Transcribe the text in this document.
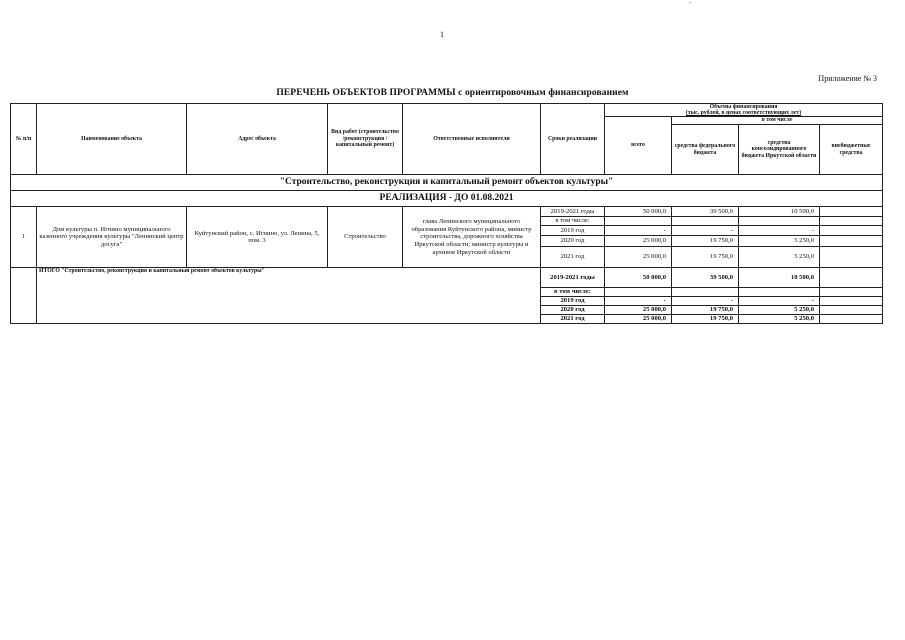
-
1
Приложение № 3
ПЕРЕЧЕНЬ ОБЪЕКТОВ ПРОГРАММЫ с ориентировочным финансированием
№ п/п	Наименование объекта	Адрес объекта	Вид работ (строительство /реконструкция /капитальный ремонт)	Ответственные исполнители	Сроки реализации	Объемы финансирования
(тыс. рублей, в ценах соответствующих лет)			

						всего	в том числе		
							средства федерального бюджета	средства консолидированного бюджета Иркутской области	внебюджетные средства
"Строительство, реконструкция и капитальный ремонт объектов культуры"									
РЕАЛИЗАЦИЯ - ДО 01.08.2021									
1	Дом культуры п. Игнино муниципального казенного учреждения культуры "Ленинский центр досуга"	Куйтунский район, с. Игнино, ул. Ленина, 5, пом. 3	Строительство	глава Ленинского муниципального образования Куйтунского района, министр строительства, дорожного хозяйства Иркутской области; министр культуры и архивов Иркутской области	2019-2021 годы	50 000,0	39 500,0	10 500,0	
					в том числе:				
					2019 год	-	-	-	
					2020 год	25 000,0	19 750,0	5 250,0	
					2021 год	25 000,0	19 750,0	5 250,0	
	ИТОГО "Строительство, реконструкция и капитальный ремонт объектов культуры"				2019-2021 годы	50 000,0	39 500,0	10 500,0	
					в том числе:				
					2019 год	-	-	-	
					2020 год	25 000,0	19 750,0	5 250,0	
					2021 год	25 000,0	19 750,0	5 250,0	
